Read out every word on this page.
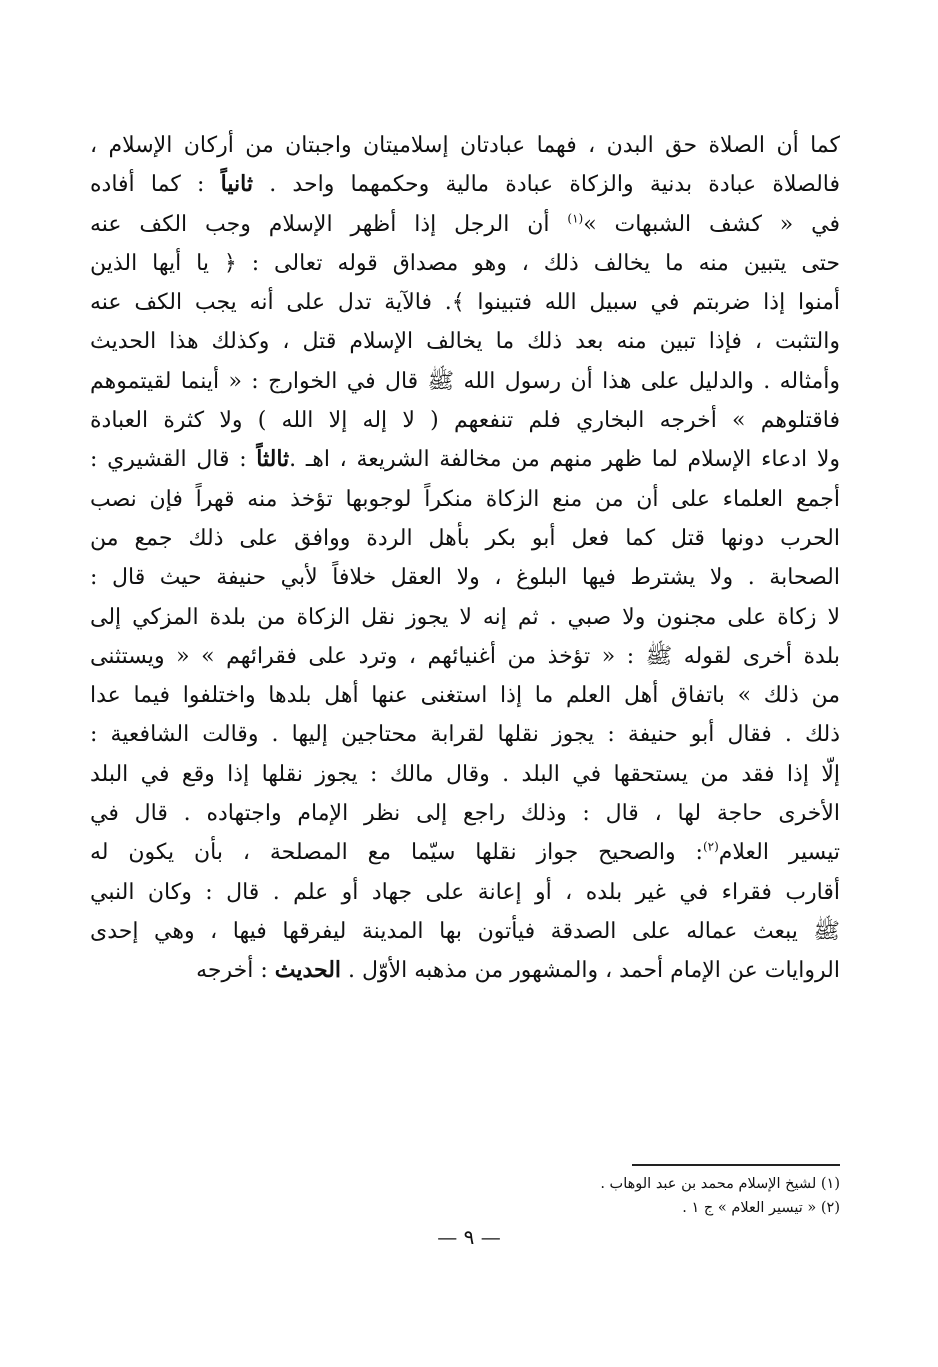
كما أن الصلاة حق البدن ، فهما عبادتان إسلاميتان واجبتان من أركان الإسلام ،
فالصلاة عبادة بدنية والزكاة عبادة مالية وحكمهما واحد . ثانياً : كما أفاده
في « كشف الشبهات »$^{(١)}$ أن الرجل إذا أظهر الإسلام وجب الكف عنه
حتى يتبين منه ما يخالف ذلك ، وهو مصداق قوله تعالى : ﴿ يا أيها الذين
أمنوا إذا ضربتم في سبيل الله فتبينوا ﴾. فالآية تدل على أنه يجب الكف عنه
والتثبت ، فإذا تبين منه بعد ذلك ما يخالف الإسلام قتل ، وكذلك هذا الحديث
وأمثاله . والدليل على هذا أن رسول الله ﷺ قال في الخوارج : « أينما لقيتموهم
فاقتلوهم » أخرجه البخاري فلم تنفعهم ( لا إله إلا الله ) ولا كثرة العبادة
ولا ادعاء الإسلام لما ظهر منهم من مخالفة الشريعة ، اهـ .ثالثاً : قال القشيري :
أجمع العلماء على أن من منع الزكاة منكراً لوجوبها تؤخذ منه قهراً فإن نصب
الحرب دونها قتل كما فعل أبو بكر بأهل الردة ووافق على ذلك جمع من
الصحابة . ولا يشترط فيها البلوغ ، ولا العقل خلافاً لأبي حنيفة حيث قال :
لا زكاة على مجنون ولا صبي . ثم إنه لا يجوز نقل الزكاة من بلدة المزكي إلى
بلدة أخرى لقوله ﷺ : « تؤخذ من أغنيائهم ، وترد على فقرائهم » « ويستثنى
من ذلك » باتفاق أهل العلم ما إذا استغنى عنها أهل بلدها واختلفوا فيما عدا
ذلك . فقال أبو حنيفة : يجوز نقلها لقرابة محتاجين إليها . وقالت الشافعية :
إلّا إذا فقد من يستحقها في البلد . وقال مالك : يجوز نقلها إذا وقع في البلد
الأخرى حاجة لها ، قال : وذلك راجع إلى نظر الإمام واجتهاده . قال في
تيسير العلام$^{(٢)}$: والصحيح جواز نقلها سيّما مع المصلحة ، بأن يكون له
أقارب فقراء في غير بلده ، أو إعانة على جهاد أو علم . قال : وكان النبي
ﷺ يبعث عماله على الصدقة فيأتون بها المدينة ليفرقها فيها ، وهي إحدى
الروايات عن الإمام أحمد ، والمشهور من مذهبه الأوّل . الحديث : أخرجه
(١) لشيخ الإسلام محمد بن عبد الوهاب .
(٢) « تيسير العلام » ج ١ .
— ٩ —
